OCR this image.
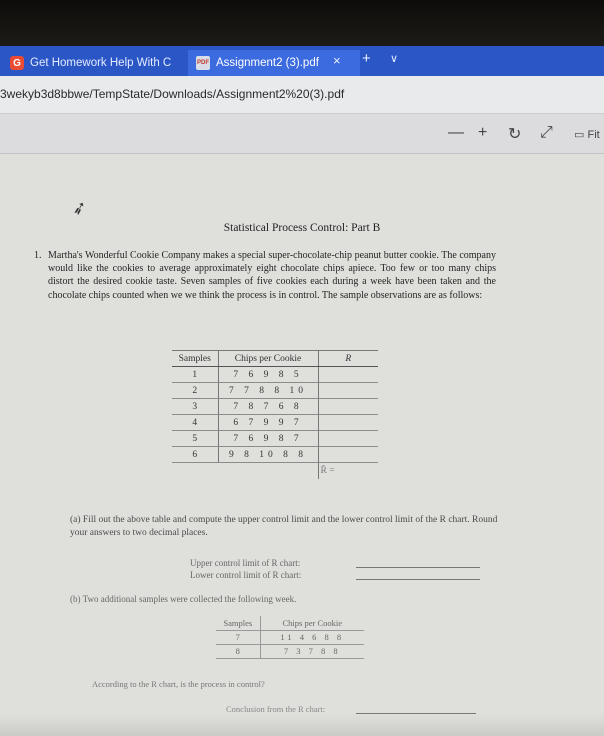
G Get Homework Help With C	PDF Assignment2 (3).pdf × + ∨
3wekyb3d8bbwe/TempState/Downloads/Assignment2%20(3).pdf
— + ↻ ⤢ ▭ Fit
➶
Statistical Process Control: Part B
1. Martha's Wonderful Cookie Company makes a special super-chocolate-chip peanut butter cookie. The company would like the cookies to average approximately eight chocolate chips apiece. Too few or too many chips distort the desired cookie taste. Seven samples of five cookies each during a week have been taken and the chocolate chips counted when we we think the process is in control. The sample observations are as follows:
Samples	Chips per Cookie	R
1	7 6 9 8 5	
2	7 7 8 8 10	
3	7 8 7 6 8	
4	6 7 9 9 7	
5	7 6 9 8 7	
6	9 8 10 8 8	
		R̄ =
(a) Fill out the above table and compute the upper control limit and the lower control limit of the R chart. Round your answers to two decimal places.
Upper control limit of R chart:
Lower control limit of R chart:
(b) Two additional samples were collected the following week.
Samples	Chips per Cookie
7	11 4 6 8 8
8	7 3 7 8 8
According to the R chart, is the process in control?
Conclusion from the R chart:
